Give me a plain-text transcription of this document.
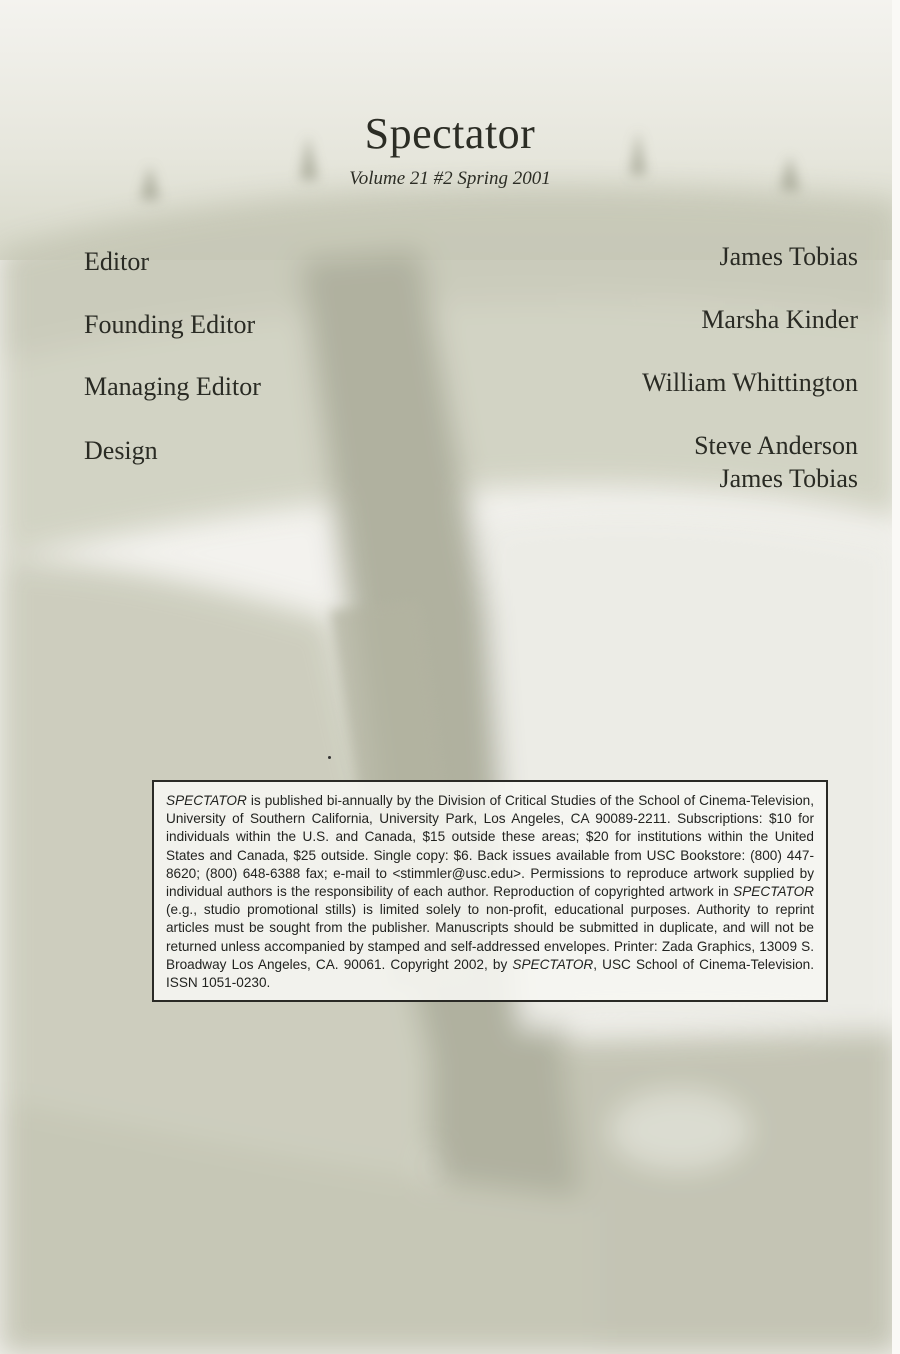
Spectator
Volume 21 #2 Spring 2001
Editor	James Tobias
Founding Editor	Marsha Kinder
Managing Editor	William Whittington
Design	Steve Anderson
James Tobias
SPECTATOR is published bi-annually by the Division of Critical Studies of the School of Cinema-Television, University of Southern California, University Park, Los Angeles, CA 90089-2211. Subscriptions: $10 for individuals within the U.S. and Canada, $15 outside these areas; $20 for institutions within the United States and Canada, $25 outside. Single copy: $6. Back issues available from USC Bookstore: (800) 447-8620; (800) 648-6388 fax; e-mail to <stimmler@usc.edu>. Permissions to reproduce artwork supplied by individual authors is the responsibility of each author. Reproduction of copyrighted artwork in SPECTATOR (e.g., studio promotional stills) is limited solely to non-profit, educational purposes. Authority to reprint articles must be sought from the publisher. Manuscripts should be submitted in duplicate, and will not be returned unless accompanied by stamped and self-addressed envelopes. Printer: Zada Graphics, 13009 S. Broadway Los Angeles, CA. 90061. Copyright 2002, by SPECTATOR, USC School of Cinema-Television. ISSN 1051-0230.
